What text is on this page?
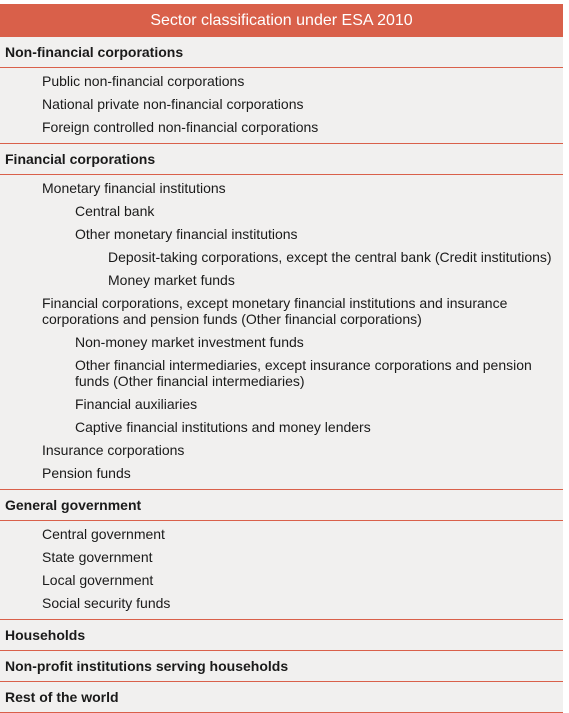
Sector classification under ESA 2010
Non-financial corporations
Public non-financial corporations
National private non-financial corporations
Foreign controlled non-financial corporations
Financial corporations
Monetary financial institutions
Central bank
Other monetary financial institutions
Deposit-taking corporations, except the central bank (Credit institutions)
Money market funds
Financial corporations, except monetary financial institutions and insurance corporations and pension funds (Other financial corporations)
Non-money market investment funds
Other financial intermediaries, except insurance corporations and pension funds (Other financial intermediaries)
Financial auxiliaries
Captive financial institutions and money lenders
Insurance corporations
Pension funds
General government
Central government
State government
Local government
Social security funds
Households
Non-profit institutions serving households
Rest of the world
